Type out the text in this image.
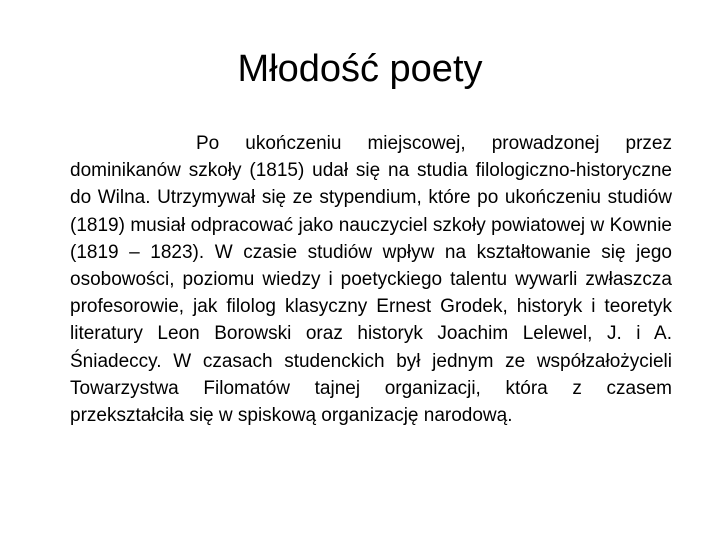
Młodość poety

Po ukończeniu miejscowej, prowadzonej przez dominikanów szkoły (1815) udał się na studia filologiczno-historyczne do Wilna. Utrzymywał się ze stypendium, które po ukończeniu studiów (1819) musiał odpracować jako nauczyciel szkoły powiatowej w Kownie (1819 – 1823). W czasie studiów wpływ na kształtowanie się jego osobowości, poziomu wiedzy i poetyckiego talentu wywarli zwłaszcza profesorowie, jak filolog klasyczny Ernest Grodek, historyk i teoretyk literatury Leon Borowski oraz historyk Joachim Lelewel, J. i A. Śniadeccy. W czasach studenckich był jednym ze współzałożycieli Towarzystwa Filomatów tajnej organizacji, która z czasem przekształciła się w spiskową organizację narodową.
